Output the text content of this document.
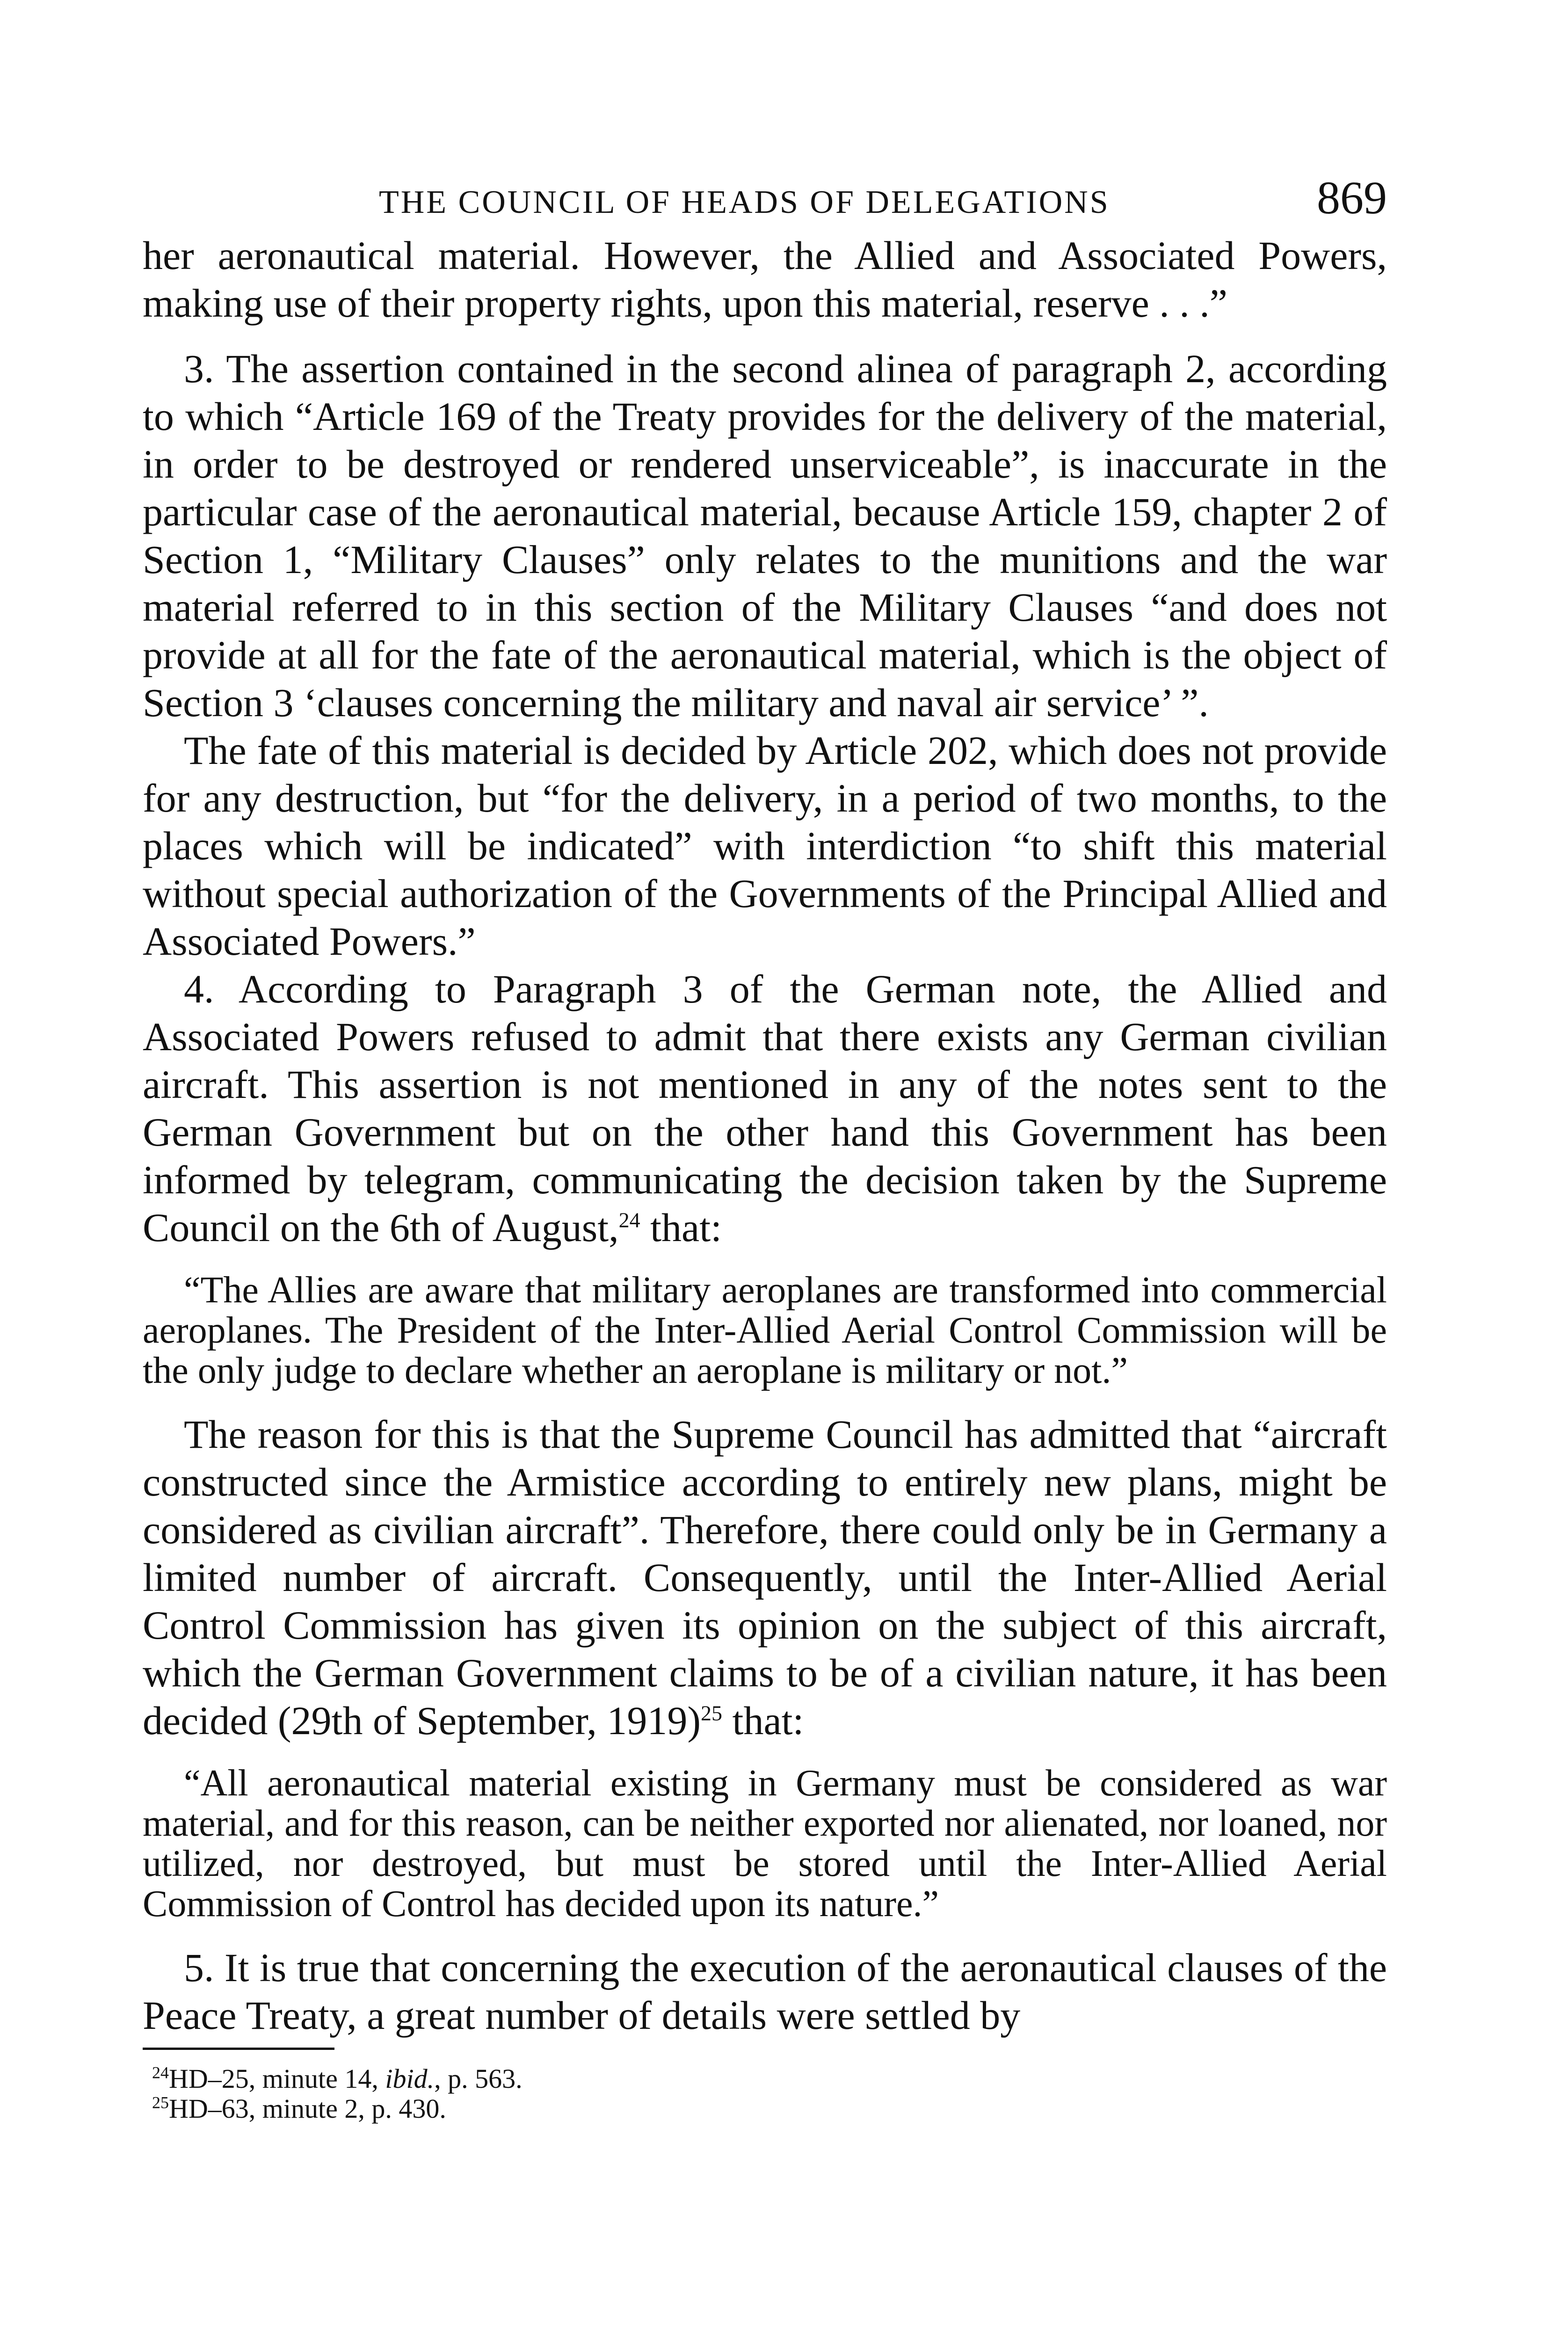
THE COUNCIL OF HEADS OF DELEGATIONS	869

her aeronautical material. However, the Allied and Associated Powers, making use of their property rights, upon this material, reserve . . .”

3. The assertion contained in the second alinea of paragraph 2, according to which “Article 169 of the Treaty provides for the delivery of the material, in order to be destroyed or rendered unserviceable”, is inaccurate in the particular case of the aeronautical material, because Article 159, chapter 2 of Section 1, “Military Clauses” only relates to the munitions and the war material referred to in this section of the Military Clauses “and does not provide at all for the fate of the aeronautical material, which is the object of Section 3 ‘clauses concerning the military and naval air service’ ”.

The fate of this material is decided by Article 202, which does not provide for any destruction, but “for the delivery, in a period of two months, to the places which will be indicated” with interdiction “to shift this material without special authorization of the Governments of the Principal Allied and Associated Powers.”

4. According to Paragraph 3 of the German note, the Allied and Associated Powers refused to admit that there exists any German civilian aircraft. This assertion is not mentioned in any of the notes sent to the German Government but on the other hand this Government has been informed by telegram, communicating the decision taken by the Supreme Council on the 6th of August,$^{24}$ that:

“The Allies are aware that military aeroplanes are transformed into commercial aeroplanes. The President of the Inter-Allied Aerial Control Commission will be the only judge to declare whether an aeroplane is military or not.”

The reason for this is that the Supreme Council has admitted that “aircraft constructed since the Armistice according to entirely new plans, might be considered as civilian aircraft”. Therefore, there could only be in Germany a limited number of aircraft. Consequently, until the Inter-Allied Aerial Control Commission has given its opinion on the subject of this aircraft, which the German Government claims to be of a civilian nature, it has been decided (29th of September, 1919)$^{25}$ that:

“All aeronautical material existing in Germany must be considered as war material, and for this reason, can be neither exported nor alienated, nor loaned, nor utilized, nor destroyed, but must be stored until the Inter-Allied Aerial Commission of Control has decided upon its nature.”

5. It is true that concerning the execution of the aeronautical clauses of the Peace Treaty, a great number of details were settled by

$^{24}$HD–25, minute 14, ibid., p. 563.
$^{25}$HD–63, minute 2, p. 430.
